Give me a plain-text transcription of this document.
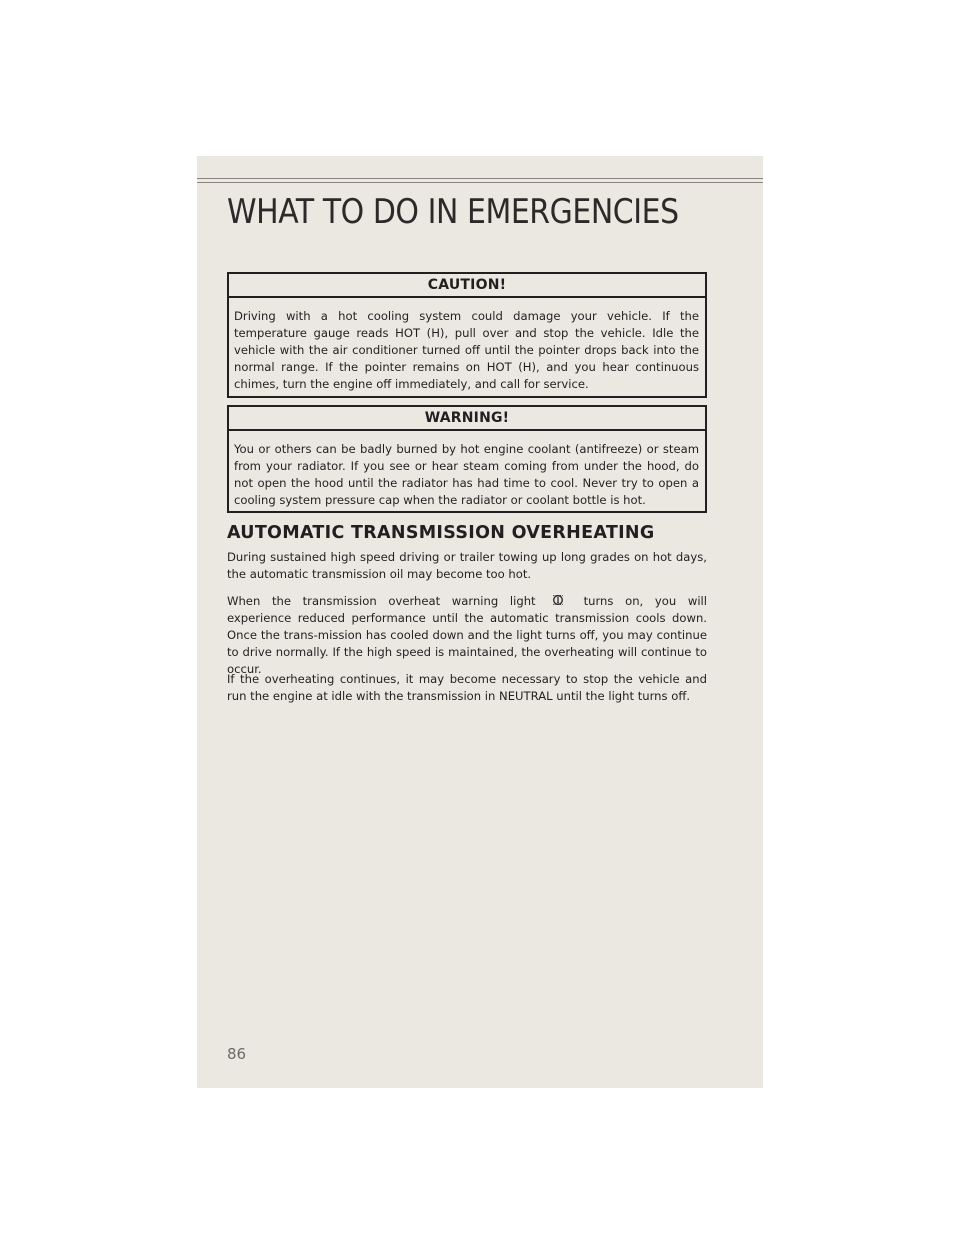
WHAT TO DO IN EMERGENCIES
CAUTION!
Driving with a hot cooling system could damage your vehicle. If the temperature gauge reads HOT (H), pull over and stop the vehicle. Idle the vehicle with the air conditioner turned off until the pointer drops back into the normal range. If the pointer remains on HOT (H), and you hear continuous chimes, turn the engine off immediately, and call for service.
WARNING!
You or others can be badly burned by hot engine coolant (antifreeze) or steam from your radiator. If you see or hear steam coming from under the hood, do not open the hood until the radiator has had time to cool. Never try to open a cooling system pressure cap when the radiator or coolant bottle is hot.
AUTOMATIC TRANSMISSION OVERHEATING
During sustained high speed driving or trailer towing up long grades on hot days, the automatic transmission oil may become too hot.
When the transmission overheat warning light	turns on, you will experience reduced performance until the automatic transmission cools down. Once the trans-mission has cooled down and the light turns off, you may continue to drive normally. If the high speed is maintained, the overheating will continue to occur.
If the overheating continues, it may become necessary to stop the vehicle and run the engine at idle with the transmission in NEUTRAL until the light turns off.
86
